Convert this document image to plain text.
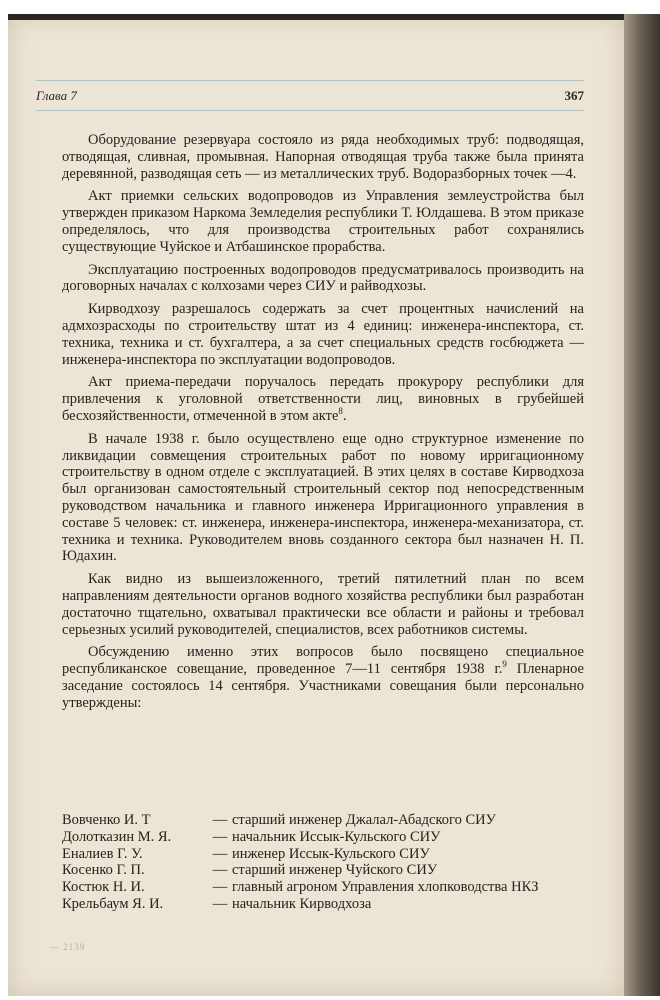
Глава 7	367

Оборудование резервуара состояло из ряда необходимых труб: подводящая, отводящая, сливная, промывная. Напорная отводящая труба также была принята деревянной, разводящая сеть — из металлических труб. Водоразборных точек —4.

Акт приемки сельских водопроводов из Управления землеустройства был утвержден приказом Наркома Земледелия республики Т. Юлдашева. В этом приказе определялось, что для производства строительных работ сохранялись существующие Чуйское и Атбашинское прорабства.

Эксплуатацию построенных водопроводов предусматривалось производить на договорных началах с колхозами через СИУ и райводхозы.

Кирводхозу разрешалось содержать за счет процентных начислений на адмхозрасходы по строительству штат из 4 единиц: инженера-инспектора, ст. техника, техника и ст. бухгалтера, а за счет специальных средств госбюджета — инженера-инспектора по эксплуатации водопроводов.

Акт приема-передачи поручалось передать прокурору республики для привлечения к уголовной ответственности лиц, виновных в грубейшей бесхозяйственности, отмеченной в этом акте$^8$.

В начале 1938 г. было осуществлено еще одно структурное изменение по ликвидации совмещения строительных работ по новому ирригационному строительству в одном отделе с эксплуатацией. В этих целях в составе Кирводхоза был организован самостоятельный строительный сектор под непосредственным руководством начальника и главного инженера Ирригационного управления в составе 5 человек: ст. инженера, инженера-инспектора, инженера-механизатора, ст. техника и техника. Руководителем вновь созданного сектора был назначен Н. П. Юдахин.

Как видно из вышеизложенного, третий пятилетний план по всем направлениям деятельности органов водного хозяйства республики был разработан достаточно тщательно, охватывал практически все области и районы и требовал серьезных усилий руководителей, специалистов, всех работников системы.

Обсуждению именно этих вопросов было посвящено специальное республиканское совещание, проведенное 7—11 сентября 1938 г.$^9$ Пленарное заседание состоялось 14 сентября. Участниками совещания были персонально утверждены:

Вовченко И. Т	— старший инженер Джалал-Абадского СИУ
Долотказин М. Я.	— начальник Иссык-Кульского СИУ
Еналиев Г. У.	— инженер Иссык-Кульского СИУ
Косенко Г. П.	— старший инженер Чуйского СИУ
Костюк Н. И.	— главный агроном Управления хлопководства НКЗ
Крельбаум Я. И.	— начальник Кирводхоза
— 2139
